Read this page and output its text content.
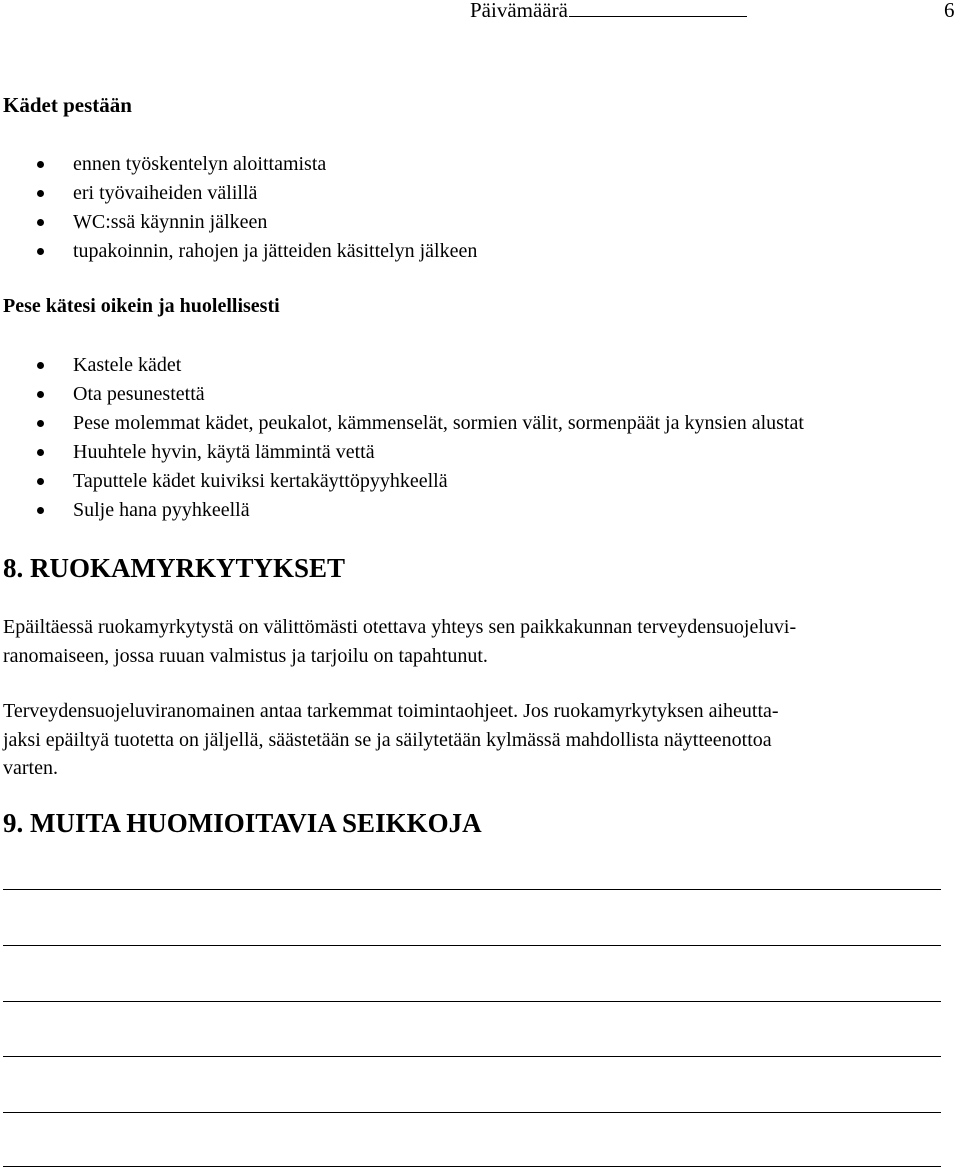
Päivämäärä	6
Kädet pestään
ennen työskentelyn aloittamista
eri työvaiheiden välillä
WC:ssä käynnin jälkeen
tupakoinnin, rahojen ja jätteiden käsittelyn jälkeen
Pese kätesi oikein ja huolellisesti
Kastele kädet
Ota pesunestettä
Pese molemmat kädet, peukalot, kämmenselät, sormien välit, sormenpäät ja kynsien alustat
Huuhtele hyvin, käytä lämmintä vettä
Taputtele kädet kuiviksi kertakäyttöpyyhkeellä
Sulje hana pyyhkeellä
8. RUOKAMYRKYTYKSET

Epäiltäessä ruokamyrkytystä on välittömästi otettava yhteys sen paikkakunnan terveydensuojeluvi-
ranomaiseen, jossa ruuan valmistus ja tarjoilu on tapahtunut.

Terveydensuojeluviranomainen antaa tarkemmat toimintaohjeet. Jos ruokamyrkytyksen aiheutta-
jaksi epäiltyä tuotetta on jäljellä, säästetään se ja säilytetään kylmässä mahdollista näytteenottoa
varten.

9. MUITA HUOMIOITAVIA SEIKKOJA
